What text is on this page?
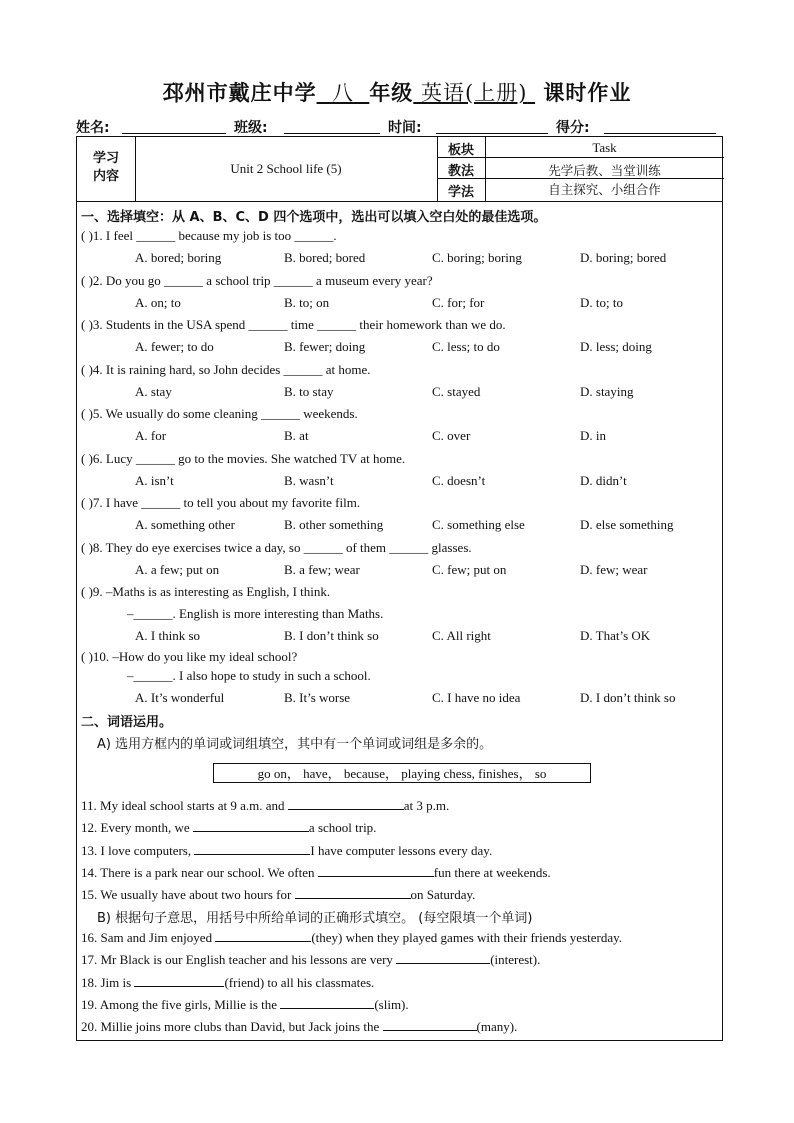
邳州市戴庄中学 八 年级 英语(上册) 课时作业
姓名:	班级:	时间:	得分:
学习
内容
Unit 2 School life (5)
板块	Task
教法	先学后教、当堂训练
学法	自主探究、小组合作
一、选择填空：从 A、B、C、D 四个选项中，选出可以填入空白处的最佳选项。
( )1. I feel ______ because my job is too ______.
A. bored; boring	B. bored; bored	C. boring; boring	D. boring; bored
( )2. Do you go ______ a school trip ______ a museum every year?
A. on; to	B. to; on	C. for; for	D. to; to
( )3. Students in the USA spend ______ time ______ their homework than we do.
A. fewer; to do	B. fewer; doing	C. less; to do	D. less; doing
( )4. It is raining hard, so John decides ______ at home.
A. stay	B. to stay	C. stayed	D. staying
( )5. We usually do some cleaning ______ weekends.
A. for	B. at	C. over	D. in
( )6. Lucy ______ go to the movies. She watched TV at home.
A. isn’t	B. wasn’t	C. doesn’t	D. didn’t
( )7. I have ______ to tell you about my favorite film.
A. something other	B. other something	C. something else	D. else something
( )8. They do eye exercises twice a day, so ______ of them ______ glasses.
A. a few; put on	B. a few; wear	C. few; put on	D. few; wear
( )9. –Maths is as interesting as English, I think.
–______. English is more interesting than Maths.
A. I think so	B. I don’t think so	C. All right	D. That’s OK
( )10. –How do you like my ideal school?
–______. I also hope to study in such a school.
A. It’s wonderful	B. It’s worse	C. I have no idea	D. I don’t think so
二、词语运用。
A) 选用方框内的单词或词组填空，其中有一个单词或词组是多余的。
go on， have， because， playing chess, finishes， so
11. My ideal school starts at 9 a.m. and	at 3 p.m.
12. Every month, we	a school trip.
13. I love computers,	I have computer lessons every day.
14. There is a park near our school. We often	fun there at weekends.
15. We usually have about two hours for	on Saturday.
B) 根据句子意思，用括号中所给单词的正确形式填空。 (每空限填一个单词)
16. Sam and Jim enjoyed	(they) when they played games with their friends yesterday.
17. Mr Black is our English teacher and his lessons are very	(interest).
18. Jim is	(friend) to all his classmates.
19. Among the five girls, Millie is the	(slim).
20. Millie joins more clubs than David, but Jack joins the	(many).
